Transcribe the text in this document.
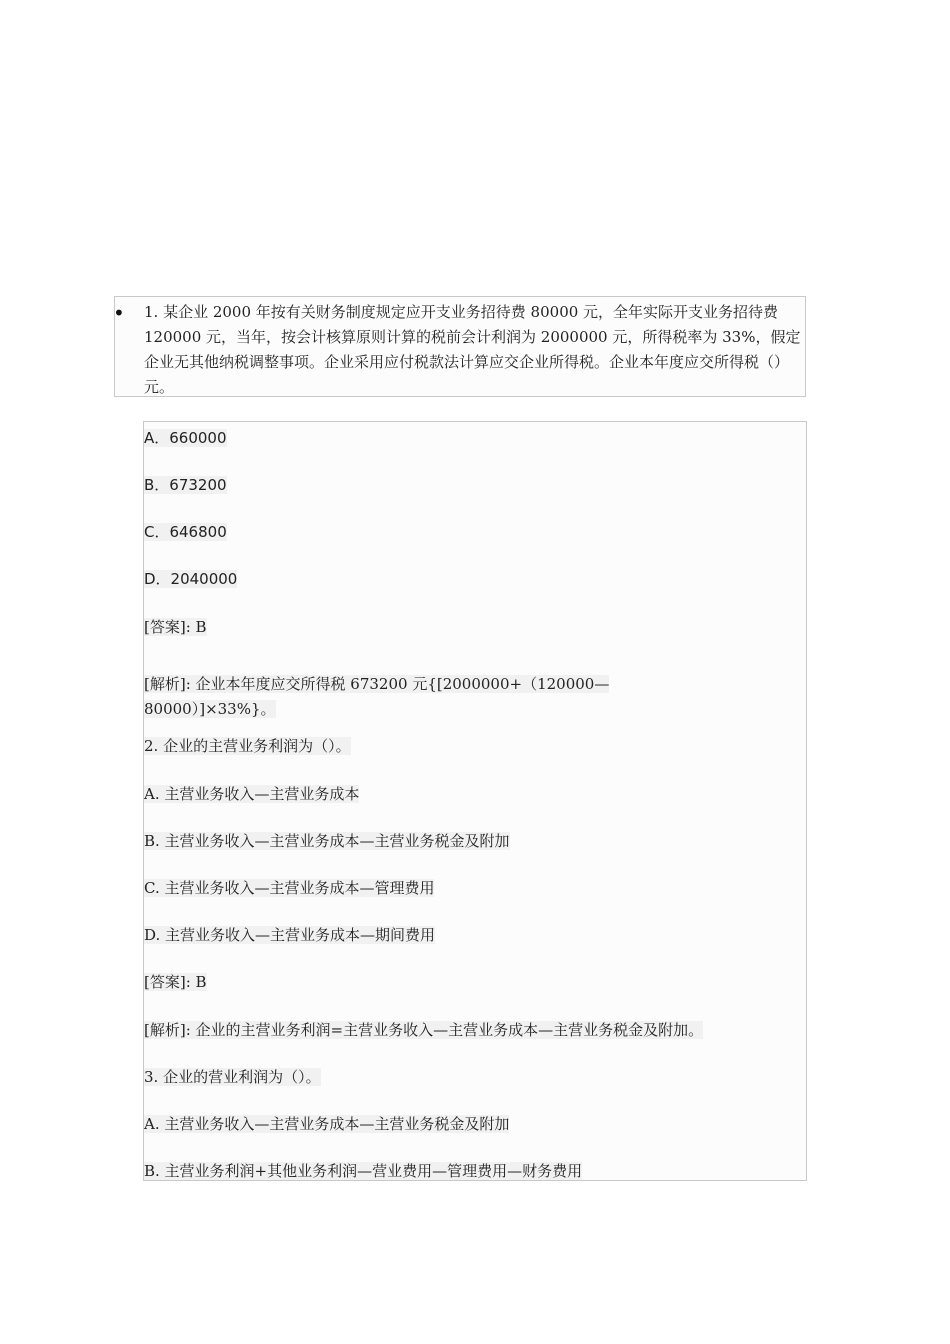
• 1. 某企业 2000 年按有关财务制度规定应开支业务招待费 80000 元，全年实际开支业务招待费 120000 元，当年，按会计核算原则计算的税前会计利润为 2000000 元，所得税率为 33%，假定企业无其他纳税调整事项。企业采用应付税款法计算应交企业所得税。企业本年度应交所得税（）元。

A．660000

B．673200

C．646800

D．2040000

[答案]: B

[解析]: 企业本年度应交所得税 673200 元{[2000000+（120000—80000）]×33%}。

2. 企业的主营业务利润为（）。

A. 主营业务收入—主营业务成本

B. 主营业务收入—主营业务成本—主营业务税金及附加

C. 主营业务收入—主营业务成本—管理费用

D. 主营业务收入—主营业务成本—期间费用

[答案]: B

[解析]: 企业的主营业务利润=主营业务收入—主营业务成本—主营业务税金及附加。

3. 企业的营业利润为（）。

A. 主营业务收入—主营业务成本—主营业务税金及附加

B. 主营业务利润+其他业务利润—营业费用—管理费用—财务费用
